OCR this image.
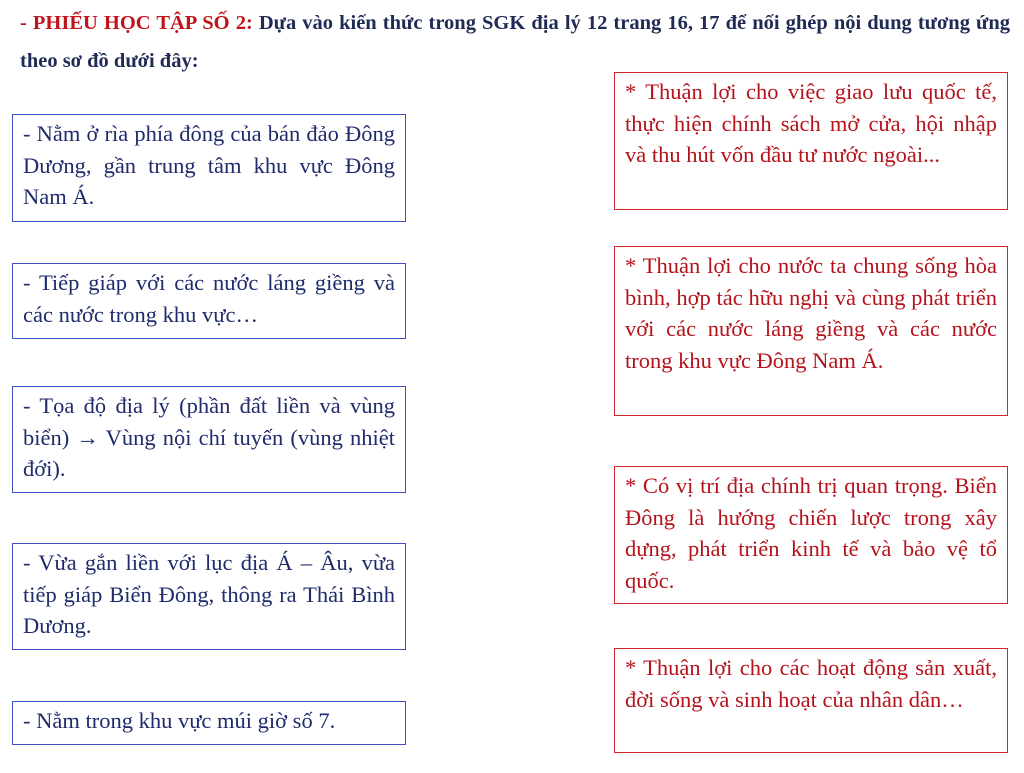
- PHIẾU HỌC TẬP SỐ 2: Dựa vào kiến thức trong SGK địa lý 12 trang 16, 17 để nối ghép nội dung tương ứng theo sơ đồ dưới đây:
- Nằm ở rìa phía đông của bán đảo Đông Dương, gần trung tâm khu vực Đông Nam Á.
- Tiếp giáp với các nước láng giềng và các nước trong khu vực…
- Tọa độ địa lý (phần đất liền và vùng biển) → Vùng nội chí tuyến (vùng nhiệt đới).
- Vừa gắn liền với lục địa Á – Âu, vừa tiếp giáp Biển Đông, thông ra Thái Bình Dương.
- Nằm trong khu vực múi giờ số 7.
* Thuận lợi cho việc giao lưu quốc tế, thực hiện chính sách mở cửa, hội nhập và thu hút vốn đầu tư nước ngoài...
* Thuận lợi cho nước ta chung sống hòa bình, hợp tác hữu nghị và cùng phát triển với các nước láng giềng và các nước trong khu vực Đông Nam Á.
* Có vị trí địa chính trị quan trọng. Biển Đông là hướng chiến lược trong xây dựng, phát triển kinh tế và bảo vệ tổ quốc.
* Thuận lợi cho các hoạt động sản xuất, đời sống và sinh hoạt của nhân dân…
